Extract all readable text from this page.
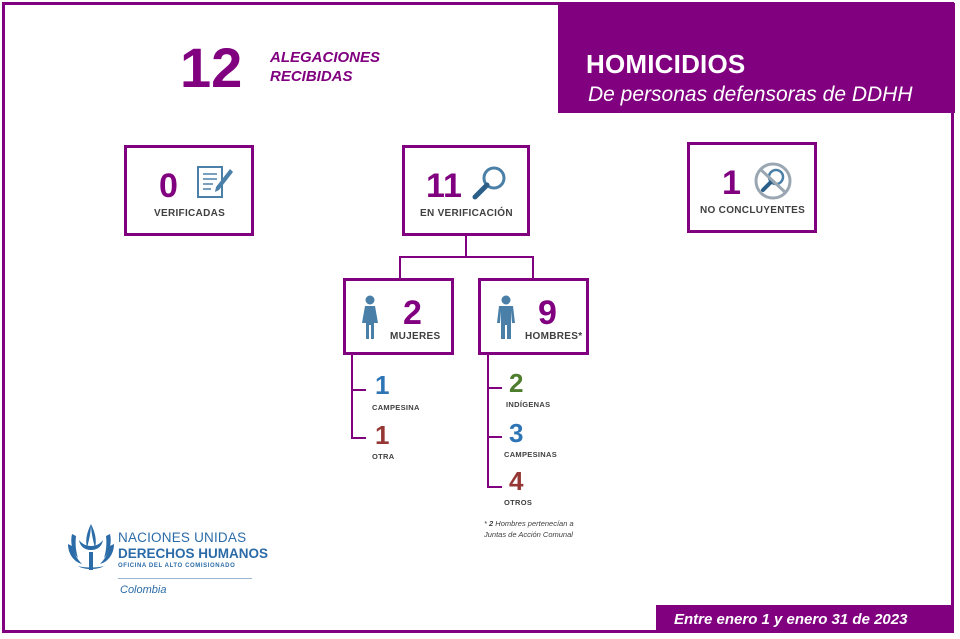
HOMICIDIOS
De personas defensoras de DDHH
12 ALEGACIONES
RECIBIDAS
0
VERIFICADAS
11
EN VERIFICACIÓN
1
NO CONCLUYENTES
2
MUJERES
9
HOMBRES*
1
CAMPESINA
1
OTRA
2
INDÍGENAS
3
CAMPESINAS
4
OTROS
* 2 Hombres pertenecían a Juntas de Acción Comunal
NACIONES UNIDAS
DERECHOS HUMANOS
OFICINA DEL ALTO COMISIONADO
Colombia
Entre enero 1 y enero 31 de 2023
